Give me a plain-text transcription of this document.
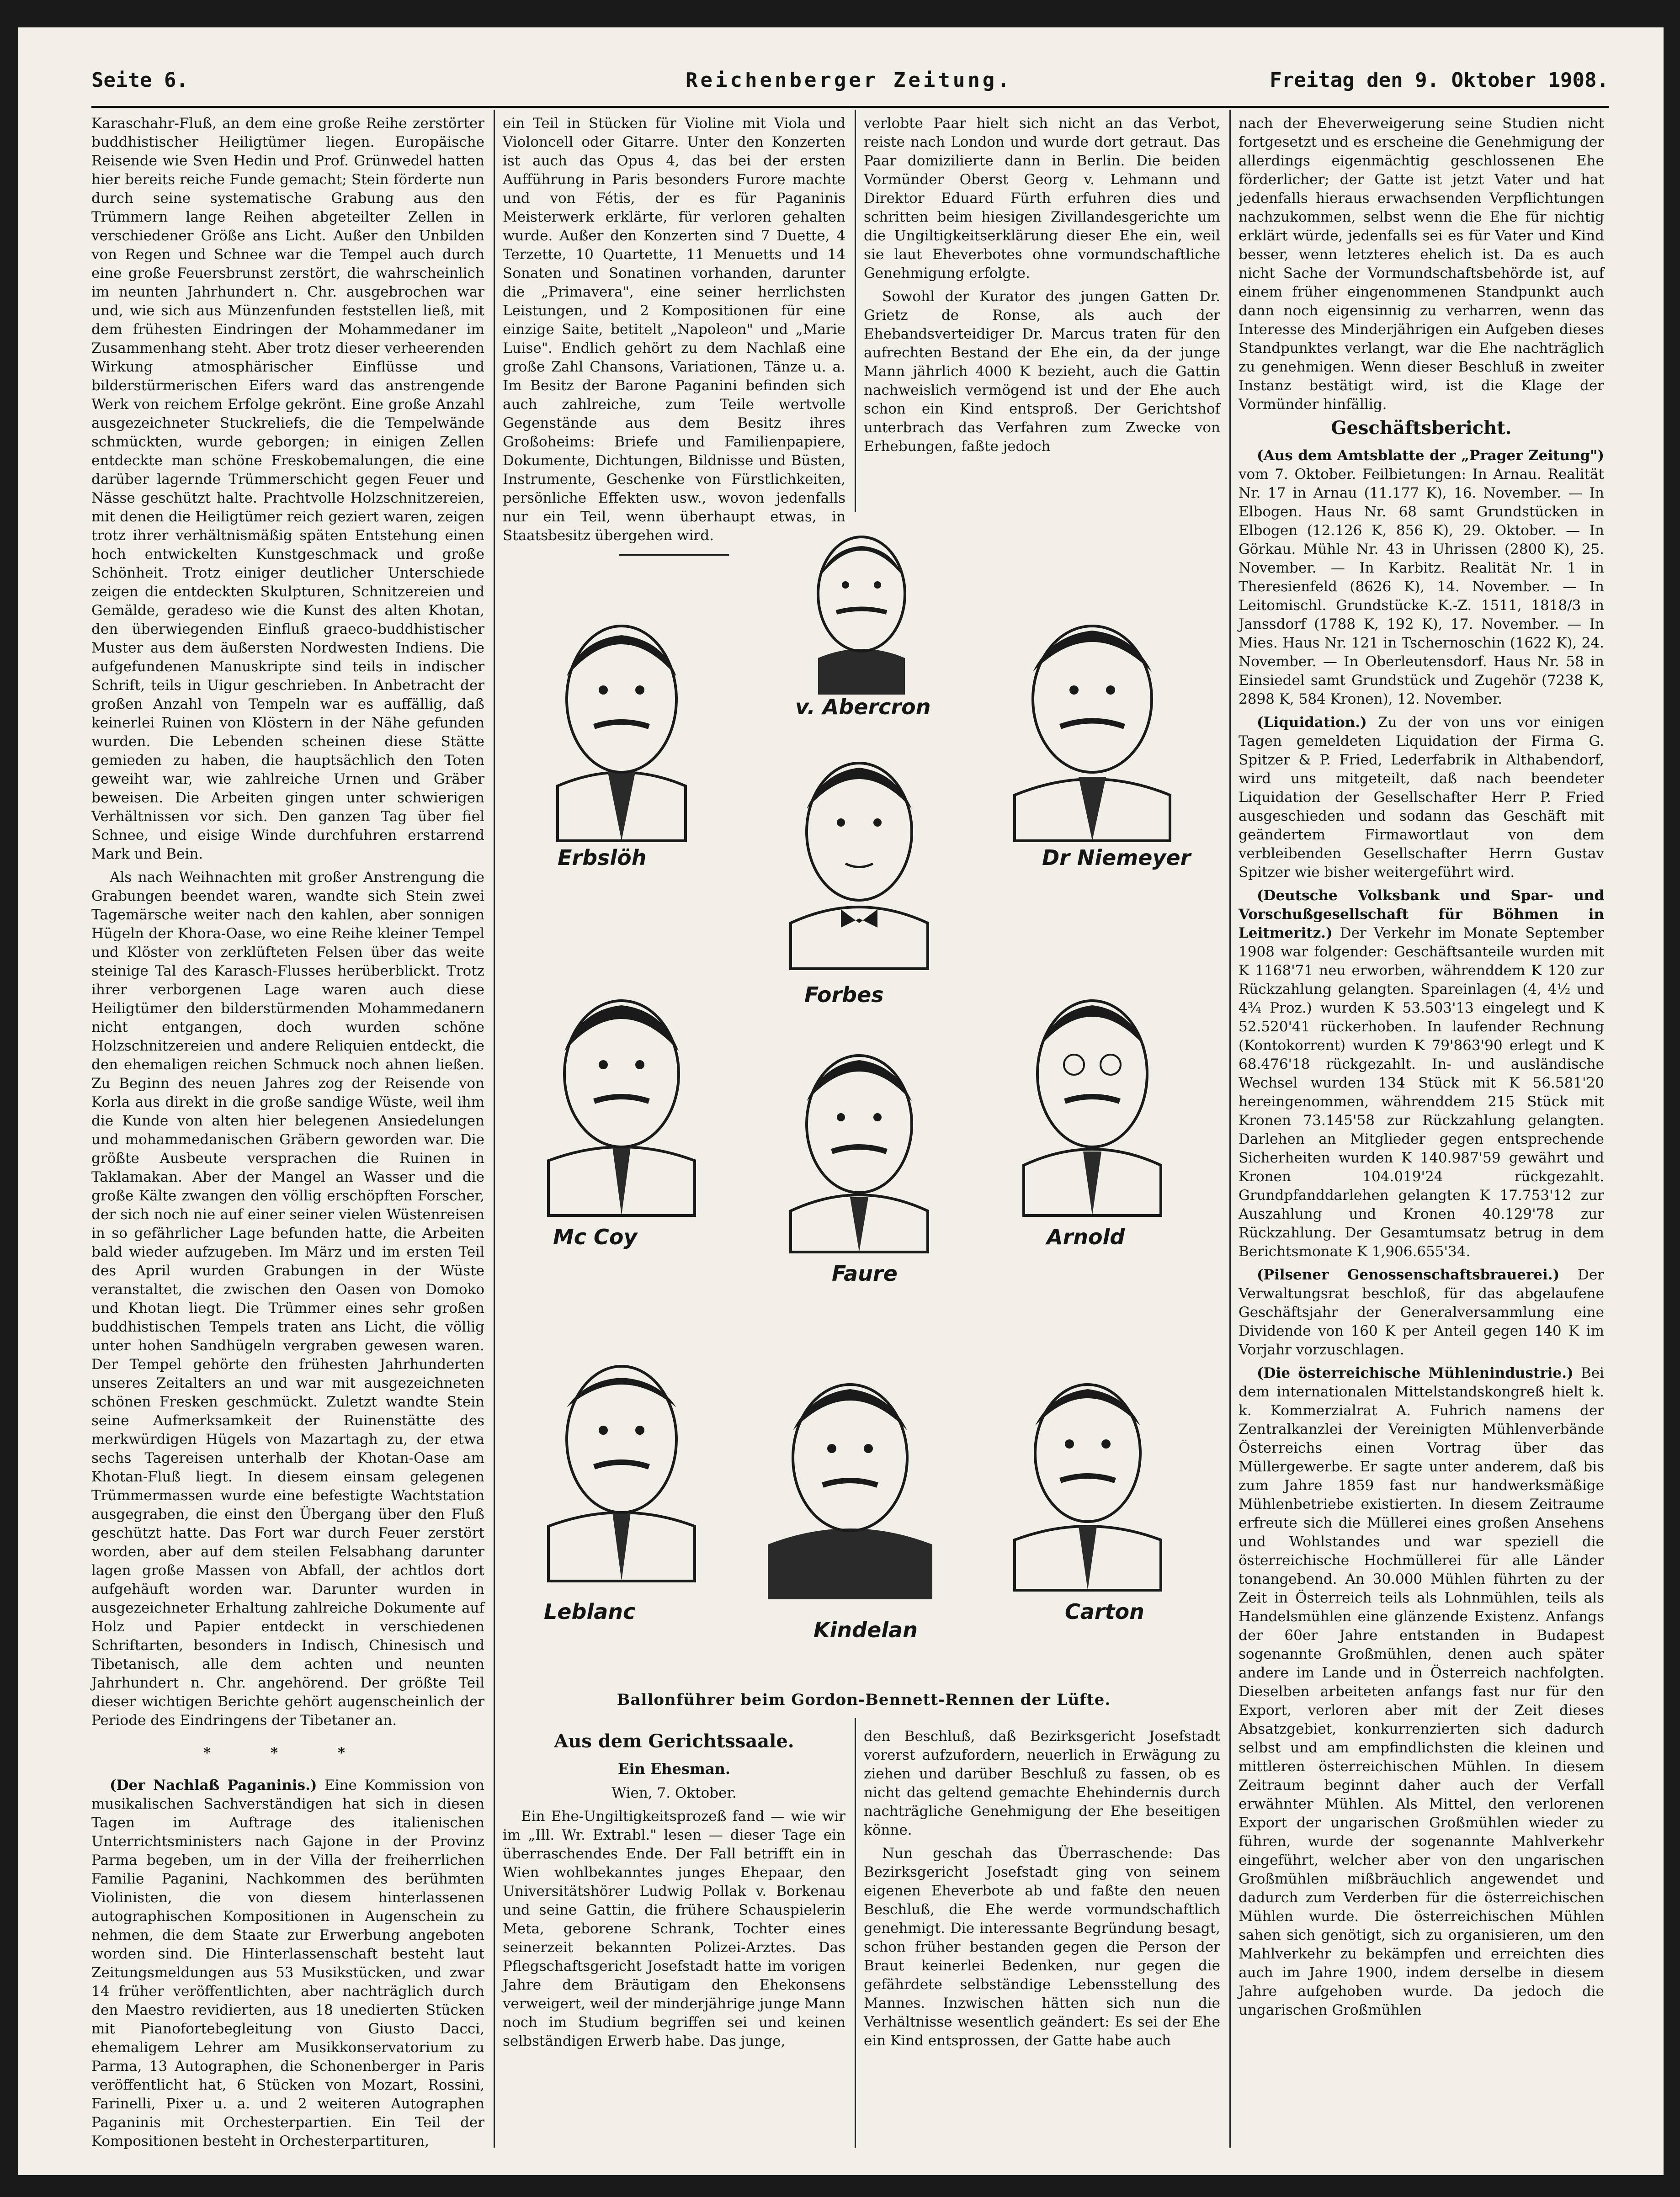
Seite 6.	Reichenberger Zeitung.	Freitag den 9. Oktober 1908.

Karaschahr-Fluß, an dem eine große Reihe zerstörter buddhistischer Heiligtümer liegen. Europäische Reisende wie Sven Hedin und Prof. Grünwedel hatten hier bereits reiche Funde gemacht; Stein förderte nun durch seine systematische Grabung aus den Trümmern lange Reihen abgeteilter Zellen in verschiedener Größe ans Licht. Außer den Unbilden von Regen und Schnee war die Tempel auch durch eine große Feuersbrunst zerstört, die wahrscheinlich im neunten Jahrhundert n. Chr. ausgebrochen war und, wie sich aus Münzenfunden feststellen ließ, mit dem frühesten Eindringen der Mohammedaner im Zusammenhang steht. Aber trotz dieser verheerenden Wirkung atmosphärischer Einflüsse und bilderstürmerischen Eifers ward das anstrengende Werk von reichem Erfolge gekrönt. Eine große Anzahl ausgezeichneter Stuckreliefs, die die Tempelwände schmückten, wurde geborgen; in einigen Zellen entdeckte man schöne Freskobemalungen, die eine darüber lagernde Trümmerschicht gegen Feuer und Nässe geschützt halte. Prachtvolle Holzschnitzereien, mit denen die Heiligtümer reich geziert waren, zeigen trotz ihrer verhältnismäßig späten Entstehung einen hoch entwickelten Kunstgeschmack und große Schönheit. Trotz einiger deutlicher Unterschiede zeigen die entdeckten Skulpturen, Schnitzereien und Gemälde, geradeso wie die Kunst des alten Khotan, den überwiegenden Einfluß graeco-buddhistischer Muster aus dem äußersten Nordwesten Indiens. Die aufgefundenen Manuskripte sind teils in indischer Schrift, teils in Uigur geschrieben. In Anbetracht der großen Anzahl von Tempeln war es auffällig, daß keinerlei Ruinen von Klöstern in der Nähe gefunden wurden. Die Lebenden scheinen diese Stätte gemieden zu haben, die hauptsächlich den Toten geweiht war, wie zahlreiche Urnen und Gräber beweisen. Die Arbeiten gingen unter schwierigen Verhältnissen vor sich. Den ganzen Tag über fiel Schnee, und eisige Winde durchfuhren erstarrend Mark und Bein.

Als nach Weihnachten mit großer Anstrengung die Grabungen beendet waren, wandte sich Stein zwei Tagemärsche weiter nach den kahlen, aber sonnigen Hügeln der Khora-Oase, wo eine Reihe kleiner Tempel und Klöster von zerklüfteten Felsen über das weite steinige Tal des Karasch-Flusses herüberblickt. Trotz ihrer verborgenen Lage waren auch diese Heiligtümer den bilderstürmenden Mohammedanern nicht entgangen, doch wurden schöne Holzschnitzereien und andere Reliquien entdeckt, die den ehemaligen reichen Schmuck noch ahnen ließen. Zu Beginn des neuen Jahres zog der Reisende von Korla aus direkt in die große sandige Wüste, weil ihm die Kunde von alten hier belegenen Ansiedelungen und mohammedanischen Gräbern geworden war. Die größte Ausbeute versprachen die Ruinen in Taklamakan. Aber der Mangel an Wasser und die große Kälte zwangen den völlig erschöpften Forscher, der sich noch nie auf einer seiner vielen Wüstenreisen in so gefährlicher Lage befunden hatte, die Arbeiten bald wieder aufzugeben. Im März und im ersten Teil des April wurden Grabungen in der Wüste veranstaltet, die zwischen den Oasen von Domoko und Khotan liegt. Die Trümmer eines sehr großen buddhistischen Tempels traten ans Licht, die völlig unter hohen Sandhügeln vergraben gewesen waren. Der Tempel gehörte den frühesten Jahrhunderten unseres Zeitalters an und war mit ausgezeichneten schönen Fresken geschmückt. Zuletzt wandte Stein seine Aufmerksamkeit der Ruinenstätte des merkwürdigen Hügels von Mazartagh zu, der etwa sechs Tagereisen unterhalb der Khotan-Oase am Khotan-Fluß liegt. In diesem einsam gelegenen Trümmermassen wurde eine befestigte Wachtstation ausgegraben, die einst den Übergang über den Fluß geschützt hatte. Das Fort war durch Feuer zerstört worden, aber auf dem steilen Felsabhang darunter lagen große Massen von Abfall, der achtlos dort aufgehäuft worden war. Darunter wurden in ausgezeichneter Erhaltung zahlreiche Dokumente auf Holz und Papier entdeckt in verschiedenen Schriftarten, besonders in Indisch, Chinesisch und Tibetanisch, alle dem achten und neunten Jahrhundert n. Chr. angehörend. Der größte Teil dieser wichtigen Berichte gehört augenscheinlich der Periode des Eindringens der Tibetaner an.

* * *

(Der Nachlaß Paganinis.) Eine Kommission von musikalischen Sachverständigen hat sich in diesen Tagen im Auftrage des italienischen Unterrichtsministers nach Gajone in der Provinz Parma begeben, um in der Villa der freiherrlichen Familie Paganini, Nachkommen des berühmten Violinisten, die von diesem hinterlassenen autographischen Kompositionen in Augenschein zu nehmen, die dem Staate zur Erwerbung angeboten worden sind. Die Hinterlassenschaft besteht laut Zeitungsmeldungen aus 53 Musikstücken, und zwar 14 früher veröffentlichten, aber nachträglich durch den Maestro revidierten, aus 18 unedierten Stücken mit Pianofortebegleitung von Giusto Dacci, ehemaligem Lehrer am Musikkonservatorium zu Parma, 13 Autographen, die Schonenberger in Paris veröffentlicht hat, 6 Stücken von Mozart, Rossini, Farinelli, Pixer u. a. und 2 weiteren Autographen Paganinis mit Orchesterpartien. Ein Teil der Kompositionen besteht in Orchesterpartituren,

ein Teil in Stücken für Violine mit Viola und Violoncell oder Gitarre. Unter den Konzerten ist auch das Opus 4, das bei der ersten Aufführung in Paris besonders Furore machte und von Fétis, der es für Paganinis Meisterwerk erklärte, für verloren gehalten wurde. Außer den Konzerten sind 7 Duette, 4 Terzette, 10 Quartette, 11 Menuetts und 14 Sonaten und Sonatinen vorhanden, darunter die „Primavera", eine seiner herrlichsten Leistungen, und 2 Kompositionen für eine einzige Saite, betitelt „Napoleon" und „Marie Luise". Endlich gehört zu dem Nachlaß eine große Zahl Chansons, Variationen, Tänze u. a. Im Besitz der Barone Paganini befinden sich auch zahlreiche, zum Teile wertvolle Gegenstände aus dem Besitz ihres Großoheims: Briefe und Familienpapiere, Dokumente, Dichtungen, Bildnisse und Büsten, Instrumente, Geschenke von Fürstlichkeiten, persönliche Effekten usw., wovon jedenfalls nur ein Teil, wenn überhaupt etwas, in Staatsbesitz übergehen wird.

verlobte Paar hielt sich nicht an das Verbot, reiste nach London und wurde dort getraut. Das Paar domizilierte dann in Berlin. Die beiden Vormünder Oberst Georg v. Lehmann und Direktor Eduard Fürth erfuhren dies und schritten beim hiesigen Zivillandesgerichte um die Ungiltigkeitserklärung dieser Ehe ein, weil sie laut Eheverbotes ohne vormundschaftliche Genehmigung erfolgte.

Sowohl der Kurator des jungen Gatten Dr. Grietz de Ronse, als auch der Ehebandsverteidiger Dr. Marcus traten für den aufrechten Bestand der Ehe ein, da der junge Mann jährlich 4000 K bezieht, auch die Gattin nachweislich vermögend ist und der Ehe auch schon ein Kind entsproß. Der Gerichtshof unterbrach das Verfahren zum Zwecke von Erhebungen, faßte jedoch

v. Abercron
Erbslöh	Dr Niemeyer
Forbes
Mc Coy	Arnold
Faure
Leblanc
Kindelan
Carton
Ballonführer beim Gordon-Bennett-Rennen der Lüfte.
Aus dem Gerichtssaale.
Ein Ehesman.
Wien, 7. Oktober.

Ein Ehe-Ungiltigkeitsprozeß fand — wie wir im „Ill. Wr. Extrabl." lesen — dieser Tage ein überraschendes Ende. Der Fall betrifft ein in Wien wohlbekanntes junges Ehepaar, den Universitätshörer Ludwig Pollak v. Borkenau und seine Gattin, die frühere Schauspielerin Meta, geborene Schrank, Tochter eines seinerzeit bekannten Polizei-Arztes. Das Pflegschaftsgericht Josefstadt hatte im vorigen Jahre dem Bräutigam den Ehekonsens verweigert, weil der minderjährige junge Mann noch im Studium begriffen sei und keinen selbständigen Erwerb habe. Das junge,

den Beschluß, daß Bezirksgericht Josefstadt vorerst aufzufordern, neuerlich in Erwägung zu ziehen und darüber Beschluß zu fassen, ob es nicht das geltend gemachte Ehehindernis durch nachträgliche Genehmigung der Ehe beseitigen könne.

Nun geschah das Überraschende: Das Bezirksgericht Josefstadt ging von seinem eigenen Eheverbote ab und faßte den neuen Beschluß, die Ehe werde vormundschaftlich genehmigt. Die interessante Begründung besagt, schon früher bestanden gegen die Person der Braut keinerlei Bedenken, nur gegen die gefährdete selbständige Lebensstellung des Mannes. Inzwischen hätten sich nun die Verhältnisse wesentlich geändert: Es sei der Ehe ein Kind entsprossen, der Gatte habe auch

nach der Eheverweigerung seine Studien nicht fortgesetzt und es erscheine die Genehmigung der allerdings eigenmächtig geschlossenen Ehe förderlicher; der Gatte ist jetzt Vater und hat jedenfalls hieraus erwachsenden Verpflichtungen nachzukommen, selbst wenn die Ehe für nichtig erklärt würde, jedenfalls sei es für Vater und Kind besser, wenn letzteres ehelich ist. Da es auch nicht Sache der Vormundschaftsbehörde ist, auf einem früher eingenommenen Standpunkt auch dann noch eigensinnig zu verharren, wenn das Interesse des Minderjährigen ein Aufgeben dieses Standpunktes verlangt, war die Ehe nachträglich zu genehmigen. Wenn dieser Beschluß in zweiter Instanz bestätigt wird, ist die Klage der Vormünder hinfällig.

Geschäftsbericht.

(Aus dem Amtsblatte der „Prager Zeitung") vom 7. Oktober. Feilbietungen: In Arnau. Realität Nr. 17 in Arnau (11.177 K), 16. November. — In Elbogen. Haus Nr. 68 samt Grundstücken in Elbogen (12.126 K, 856 K), 29. Oktober. — In Görkau. Mühle Nr. 43 in Uhrissen (2800 K), 25. November. — In Karbitz. Realität Nr. 1 in Theresienfeld (8626 K), 14. November. — In Leitomischl. Grundstücke K.-Z. 1511, 1818/3 in Janssdorf (1788 K, 192 K), 17. November. — In Mies. Haus Nr. 121 in Tschernoschin (1622 K), 24. November. — In Oberleutensdorf. Haus Nr. 58 in Einsiedel samt Grundstück und Zugehör (7238 K, 2898 K, 584 Kronen), 12. November.

(Liquidation.) Zu der von uns vor einigen Tagen gemeldeten Liquidation der Firma G. Spitzer & P. Fried, Lederfabrik in Althabendorf, wird uns mitgeteilt, daß nach beendeter Liquidation der Gesellschafter Herr P. Fried ausgeschieden und sodann das Geschäft mit geändertem Firmawortlaut von dem verbleibenden Gesellschafter Herrn Gustav Spitzer wie bisher weitergeführt wird.

(Deutsche Volksbank und Spar- und Vorschußgesellschaft für Böhmen in Leitmeritz.) Der Verkehr im Monate September 1908 war folgender: Geschäftsanteile wurden mit K 1168'71 neu erworben, währenddem K 120 zur Rückzahlung gelangten. Spareinlagen (4, 4½ und 4¾ Proz.) wurden K 53.503'13 eingelegt und K 52.520'41 rückerhoben. In laufender Rechnung (Kontokorrent) wurden K 79'863'90 erlegt und K 68.476'18 rückgezahlt. In- und ausländische Wechsel wurden 134 Stück mit K 56.581'20 hereingenommen, währenddem 215 Stück mit Kronen 73.145'58 zur Rückzahlung gelangten. Darlehen an Mitglieder gegen entsprechende Sicherheiten wurden K 140.987'59 gewährt und Kronen 104.019'24 rückgezahlt. Grundpfanddarlehen gelangten K 17.753'12 zur Auszahlung und Kronen 40.129'78 zur Rückzahlung. Der Gesamtumsatz betrug in dem Berichtsmonate K 1,906.655'34.

(Pilsener Genossenschaftsbrauerei.) Der Verwaltungsrat beschloß, für das abgelaufene Geschäftsjahr der Generalversammlung eine Dividende von 160 K per Anteil gegen 140 K im Vorjahr vorzuschlagen.

(Die österreichische Mühlenindustrie.) Bei dem internationalen Mittelstandskongreß hielt k. k. Kommerzialrat A. Fuhrich namens der Zentralkanzlei der Vereinigten Mühlenverbände Österreichs einen Vortrag über das Müllergewerbe. Er sagte unter anderem, daß bis zum Jahre 1859 fast nur handwerksmäßige Mühlenbetriebe existierten. In diesem Zeitraume erfreute sich die Müllerei eines großen Ansehens und Wohlstandes und war speziell die österreichische Hochmüllerei für alle Länder tonangebend. An 30.000 Mühlen führten zu der Zeit in Österreich teils als Lohnmühlen, teils als Handelsmühlen eine glänzende Existenz. Anfangs der 60er Jahre entstanden in Budapest sogenannte Großmühlen, denen auch später andere im Lande und in Österreich nachfolgten. Dieselben arbeiteten anfangs fast nur für den Export, verloren aber mit der Zeit dieses Absatzgebiet, konkurrenzierten sich dadurch selbst und am empfindlichsten die kleinen und mittleren österreichischen Mühlen. In diesem Zeitraum beginnt daher auch der Verfall erwähnter Mühlen. Als Mittel, den verlorenen Export der ungarischen Großmühlen wieder zu führen, wurde der sogenannte Mahlverkehr eingeführt, welcher aber von den ungarischen Großmühlen mißbräuchlich angewendet und dadurch zum Verderben für die österreichischen Mühlen wurde. Die österreichischen Mühlen sahen sich genötigt, sich zu organisieren, um den Mahlverkehr zu bekämpfen und erreichten dies auch im Jahre 1900, indem derselbe in diesem Jahre aufgehoben wurde. Da jedoch die ungarischen Großmühlen
